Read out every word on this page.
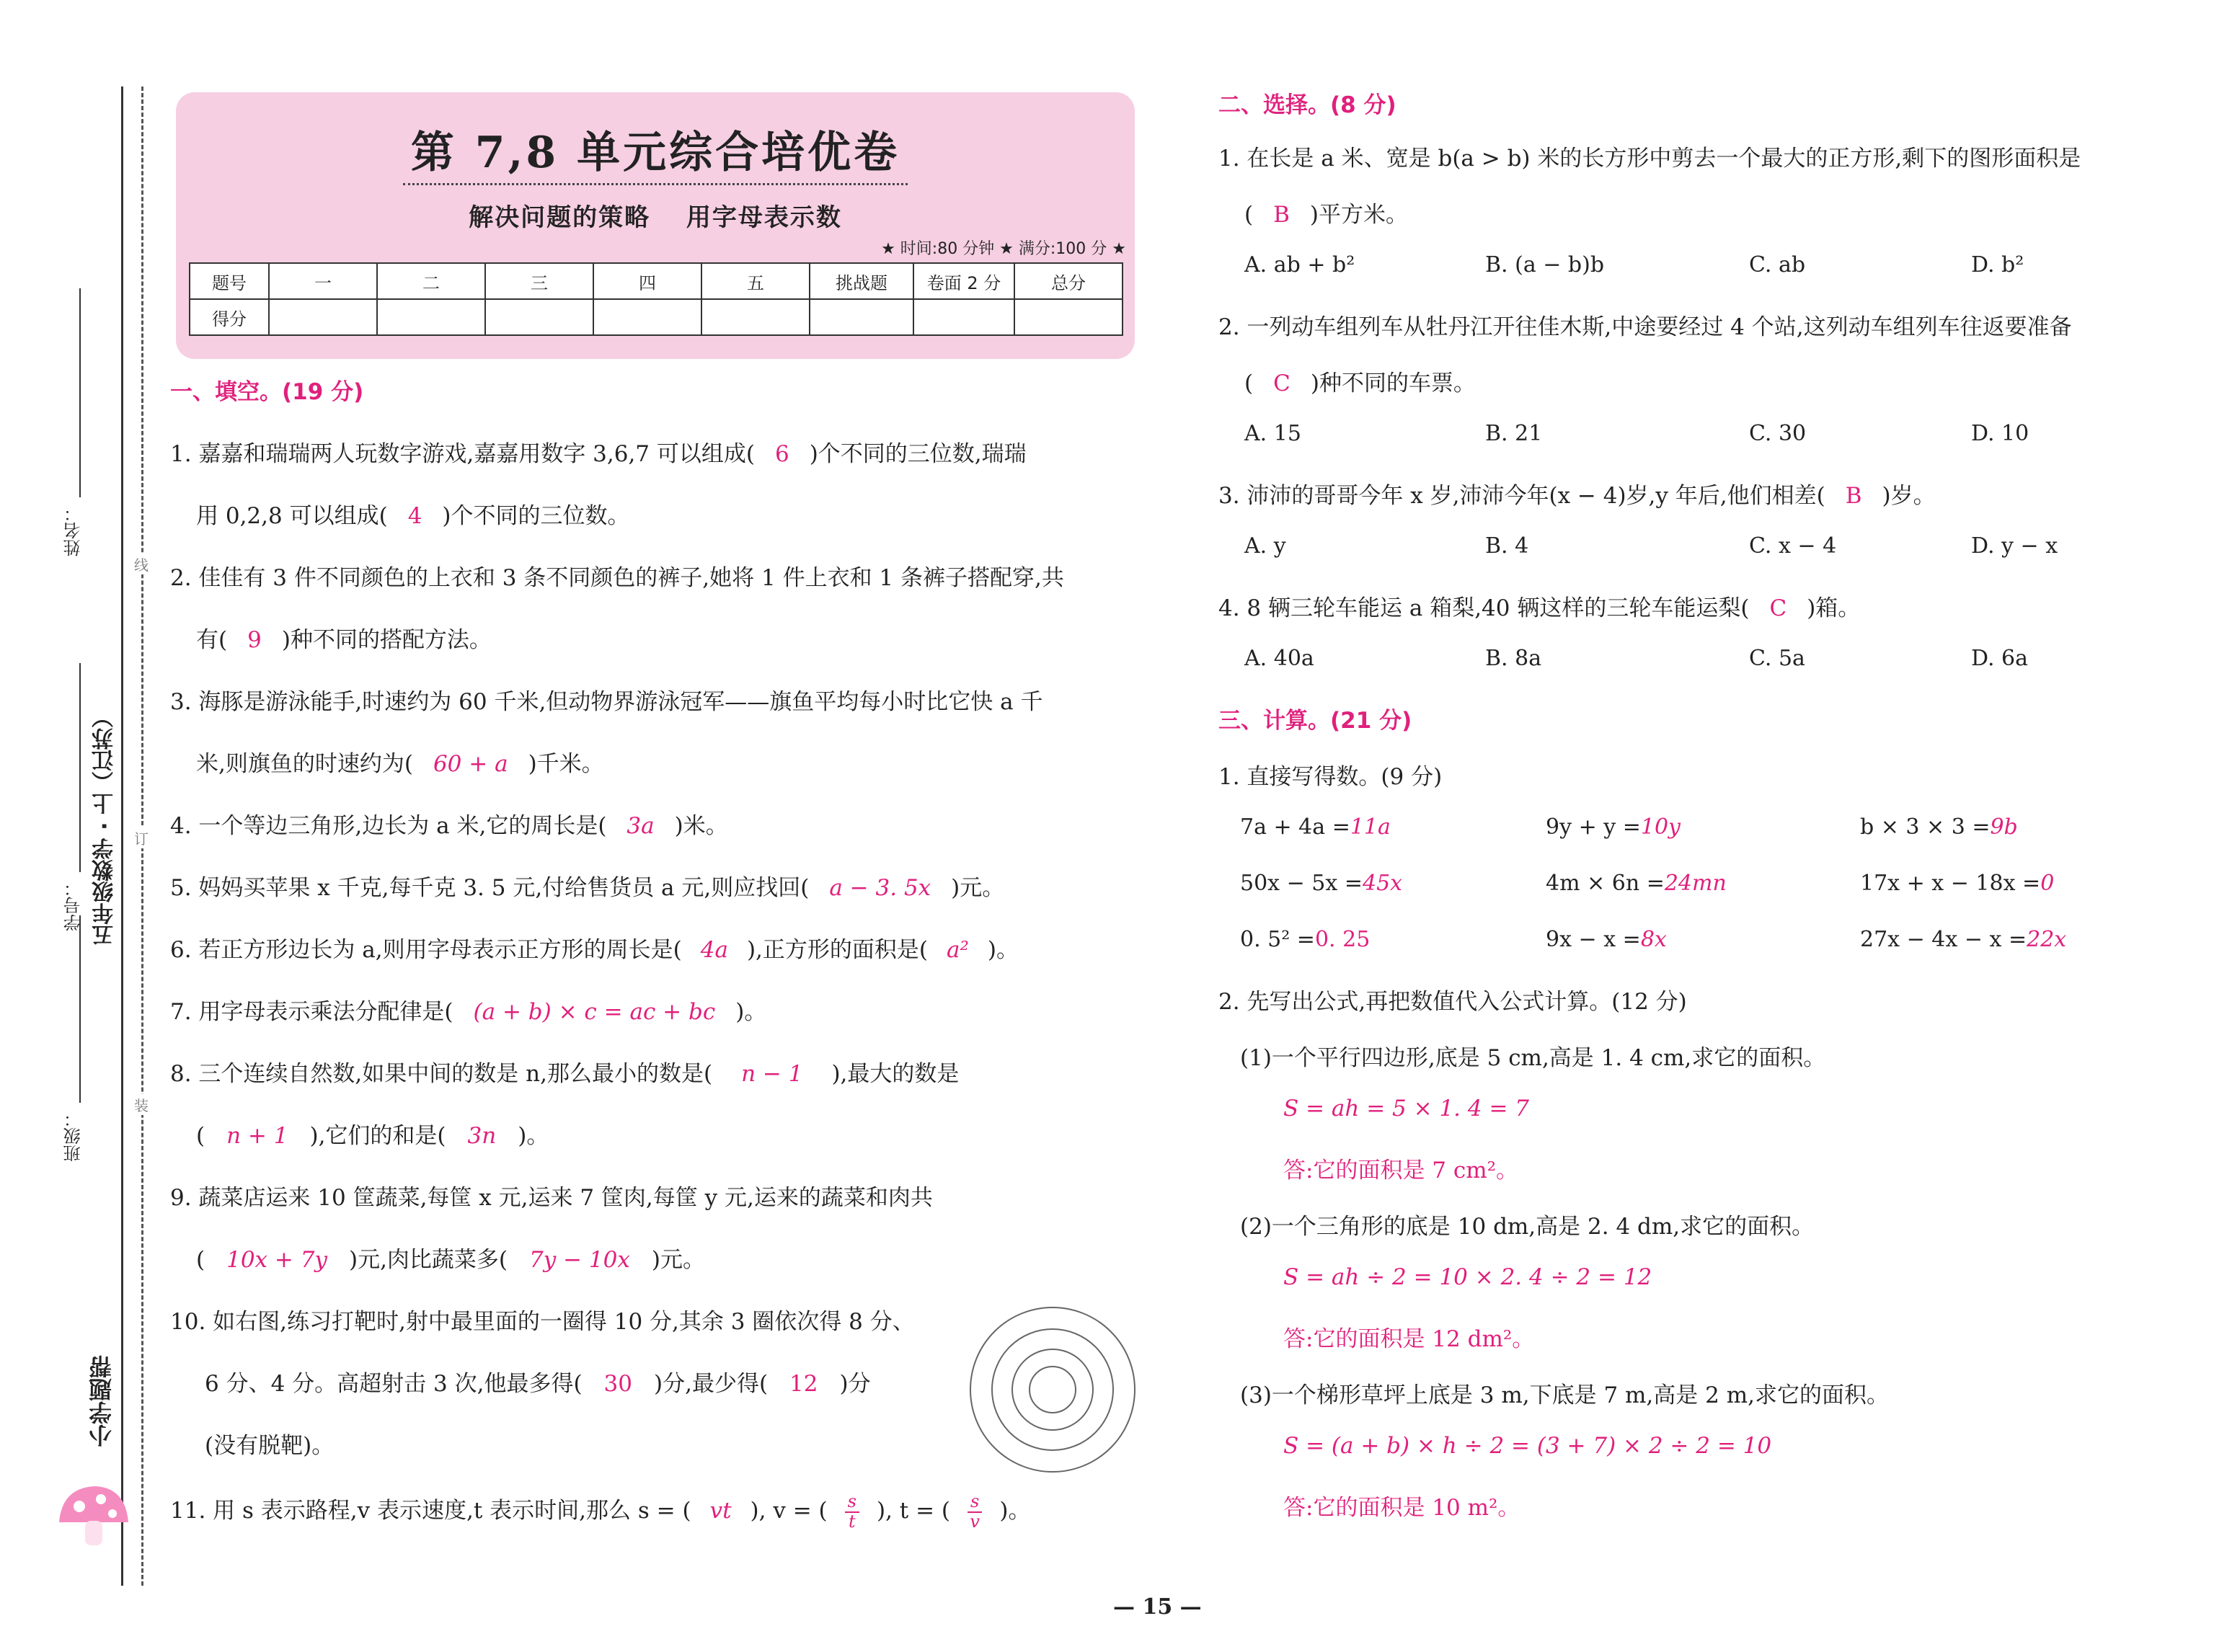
姓名：
学号：
班级：
五年级数学 · 上（江苏）
小学题帮
线
订
装
第 7,8 单元综合培优卷
解决问题的策略　 用字母表示数
★ 时间:80 分钟 ★ 满分:100 分 ★
题号	一	二	三	四	五	挑战题	卷面 2 分	总分
得分								
一、填空。(19 分)
1. 嘉嘉和瑞瑞两人玩数字游戏,嘉嘉用数字 3,6,7 可以组成( 6 )个不同的三位数,瑞瑞
用 0,2,8 可以组成( 4 )个不同的三位数。
2. 佳佳有 3 件不同颜色的上衣和 3 条不同颜色的裤子,她将 1 件上衣和 1 条裤子搭配穿,共
有( 9 )种不同的搭配方法。
3. 海豚是游泳能手,时速约为 60 千米,但动物界游泳冠军——旗鱼平均每小时比它快 a 千
米,则旗鱼的时速约为( 60 + a )千米。
4. 一个等边三角形,边长为 a 米,它的周长是( 3a )米。
5. 妈妈买苹果 x 千克,每千克 3. 5 元,付给售货员 a 元,则应找回( a − 3. 5x )元。
6. 若正方形边长为 a,则用字母表示正方形的周长是( 4a ),正方形的面积是( a² )。
7. 用字母表示乘法分配律是( (a + b) × c = ac + bc )。
8. 三个连续自然数,如果中间的数是 n,那么最小的数是( n − 1 ),最大的数是
( n + 1 ),它们的和是( 3n )。
9. 蔬菜店运来 10 筐蔬菜,每筐 x 元,运来 7 筐肉,每筐 y 元,运来的蔬菜和肉共
( 10x + 7y )元,肉比蔬菜多( 7y − 10x )元。
10. 如右图,练习打靶时,射中最里面的一圈得 10 分,其余 3 圈依次得 8 分、
6 分、4 分。高超射击 3 次,他最多得( 30 )分,最少得( 12 )分
(没有脱靶)。
11. 用 s 表示路程,v 表示速度,t 表示时间,那么 s = ( vt ), v = ( $\frac{s}{t}$ ), t = ( $\frac{s}{v}$ )。
二、选择。(8 分)
1. 在长是 a 米、宽是 b(a > b) 米的长方形中剪去一个最大的正方形,剩下的图形面积是
( B )平方米。
A. ab + b²	B. (a − b)b	C. ab	D. b²
2. 一列动车组列车从牡丹江开往佳木斯,中途要经过 4 个站,这列动车组列车往返要准备
( C )种不同的车票。
A. 15	B. 21	C. 30	D. 10
3. 沛沛的哥哥今年 x 岁,沛沛今年(x − 4)岁,y 年后,他们相差( B )岁。
A. y	B. 4	C. x − 4	D. y − x
4. 8 辆三轮车能运 a 箱梨,40 辆这样的三轮车能运梨( C )箱。
A. 40a	B. 8a	C. 5a	D. 6a
三、计算。(21 分)
1. 直接写得数。(9 分)
7a + 4a =11a	9y + y =10y	b × 3 × 3 =9b
50x − 5x =45x	4m × 6n =24mn	17x + x − 18x =0
0. 5² =0. 25	9x − x =8x	27x − 4x − x =22x
2. 先写出公式,再把数值代入公式计算。(12 分)
(1)一个平行四边形,底是 5 cm,高是 1. 4 cm,求它的面积。
S = ah = 5 × 1. 4 = 7
答:它的面积是 7 cm²。
(2)一个三角形的底是 10 dm,高是 2. 4 dm,求它的面积。
S = ah ÷ 2 = 10 × 2. 4 ÷ 2 = 12
答:它的面积是 12 dm²。
(3)一个梯形草坪上底是 3 m,下底是 7 m,高是 2 m,求它的面积。
S = (a + b) × h ÷ 2 = (3 + 7) × 2 ÷ 2 = 10
答:它的面积是 10 m²。
— 15 —
